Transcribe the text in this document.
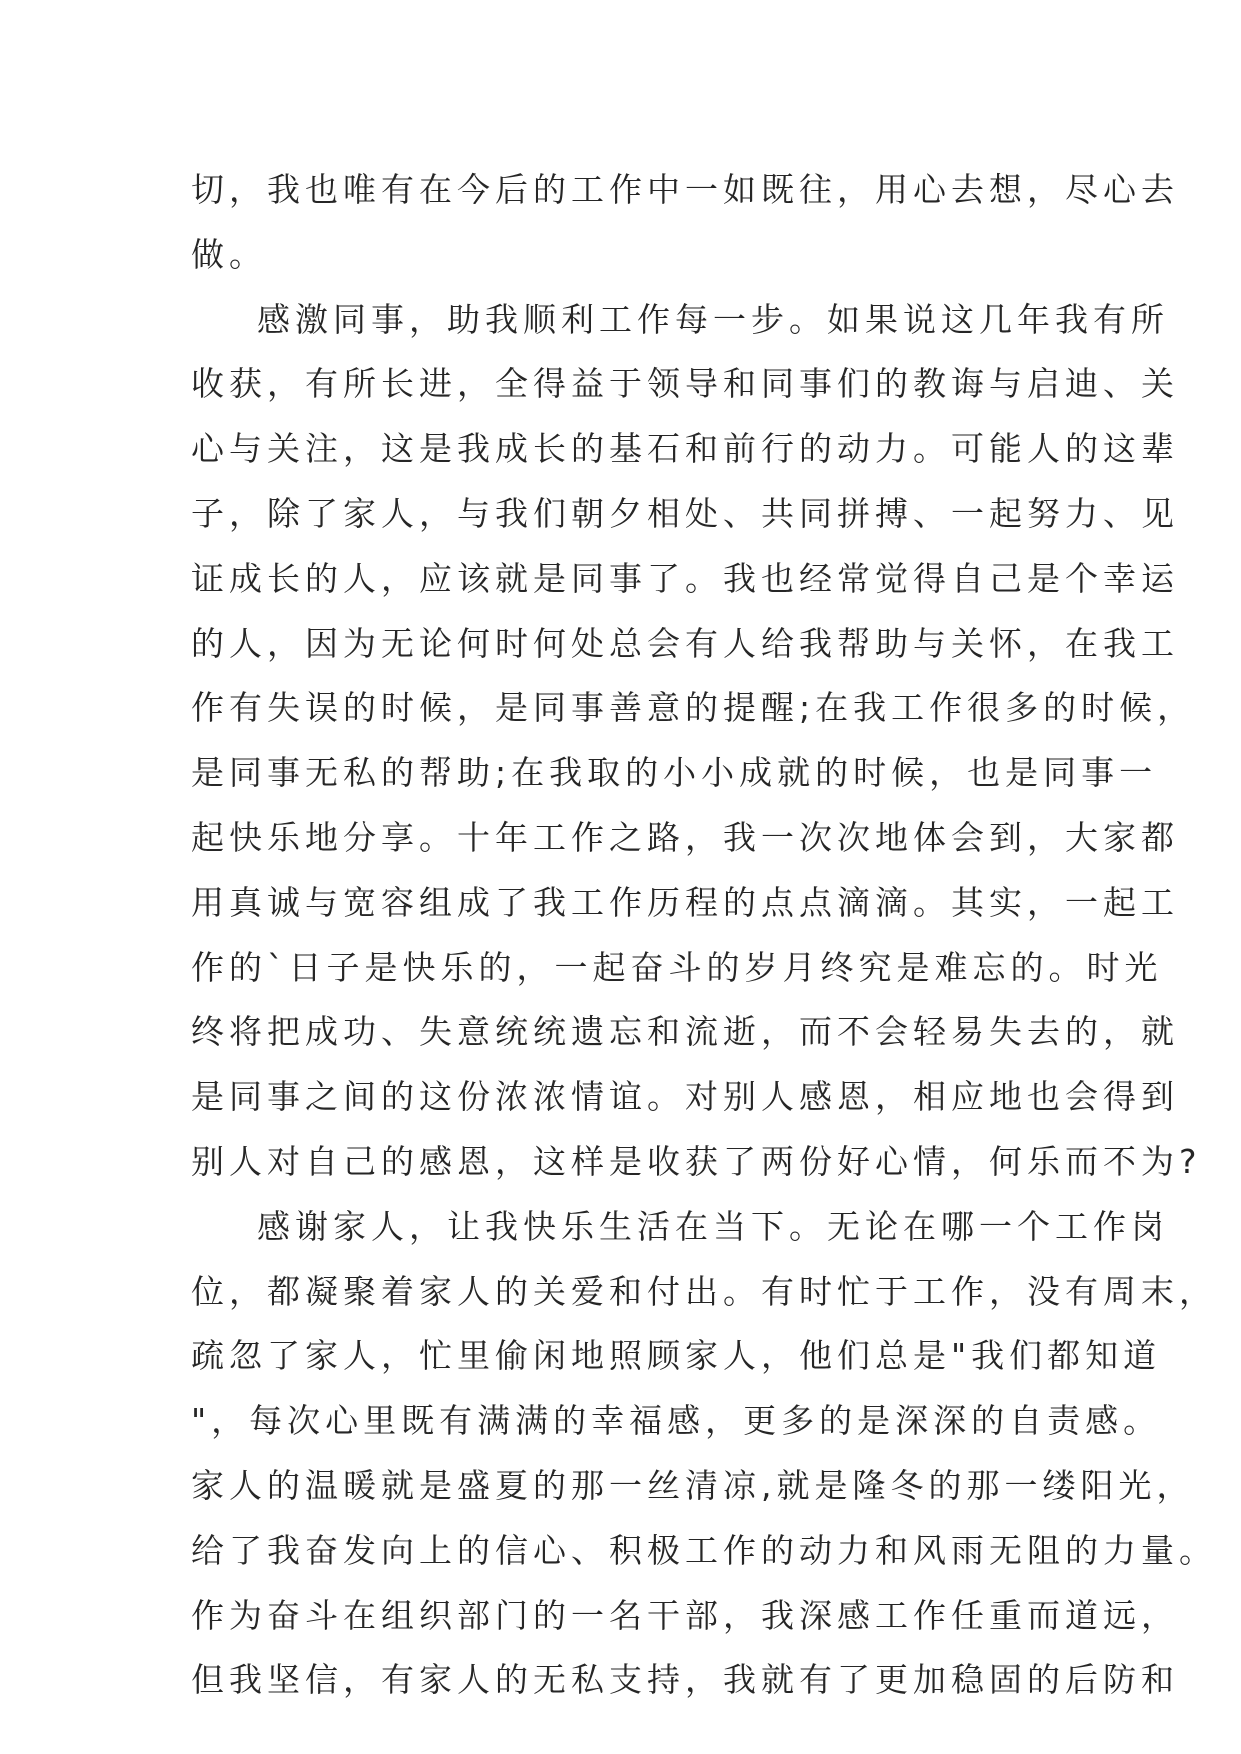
切，我也唯有在今后的工作中一如既往，用心去想，尽心去
做。
感激同事，助我顺利工作每一步。如果说这几年我有所
收获，有所长进，全得益于领导和同事们的教诲与启迪、关
心与关注，这是我成长的基石和前行的动力。可能人的这辈
子，除了家人，与我们朝夕相处、共同拼搏、一起努力、见
证成长的人，应该就是同事了。我也经常觉得自己是个幸运
的人，因为无论何时何处总会有人给我帮助与关怀，在我工
作有失误的时候，是同事善意的提醒;在我工作很多的时候，
是同事无私的帮助;在我取的小小成就的时候，也是同事一
起快乐地分享。十年工作之路，我一次次地体会到，大家都
用真诚与宽容组成了我工作历程的点点滴滴。其实，一起工
作的`日子是快乐的，一起奋斗的岁月终究是难忘的。时光
终将把成功、失意统统遗忘和流逝，而不会轻易失去的，就
是同事之间的这份浓浓情谊。对别人感恩，相应地也会得到
别人对自己的感恩，这样是收获了两份好心情，何乐而不为?
感谢家人，让我快乐生活在当下。无论在哪一个工作岗
位，都凝聚着家人的关爱和付出。有时忙于工作，没有周末，
疏忽了家人，忙里偷闲地照顾家人，他们总是"我们都知道
"，每次心里既有满满的幸福感，更多的是深深的自责感。
家人的温暖就是盛夏的那一丝清凉,就是隆冬的那一缕阳光，
给了我奋发向上的信心、积极工作的动力和风雨无阻的力量。
作为奋斗在组织部门的一名干部，我深感工作任重而道远，
但我坚信，有家人的无私支持，我就有了更加稳固的后防和
